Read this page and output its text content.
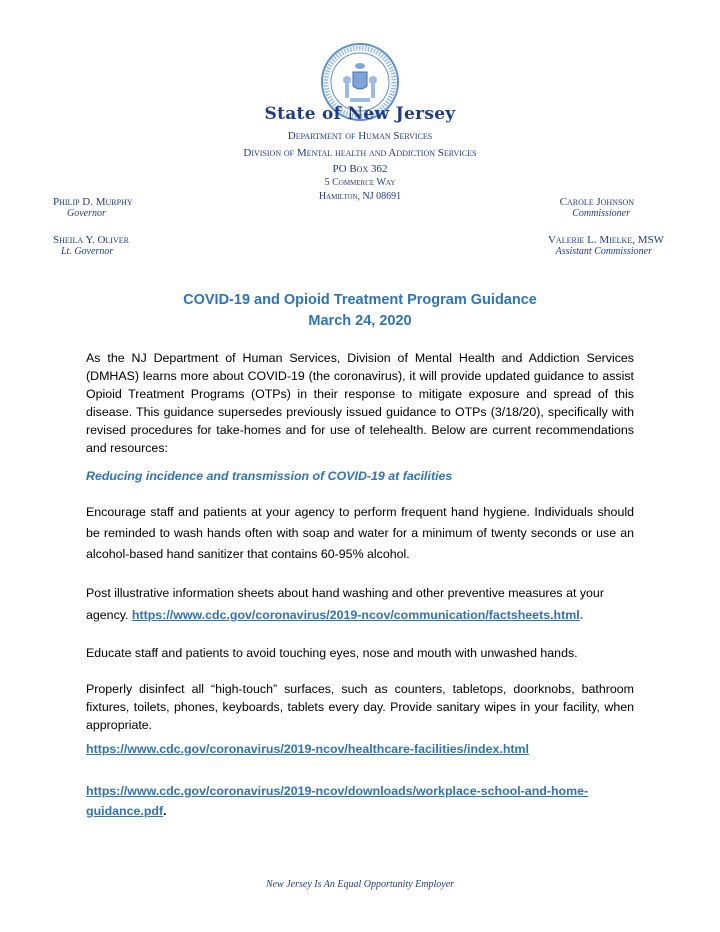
State of New Jersey
Department of Human Services
Division of Mental health and Addiction Services
PO Box 362
5 Commerce Way
Hamilton, NJ 08691
Philip D. Murphy
Governor
Sheila Y. Oliver
Lt. Governor
Carole Johnson
Commissioner
Valerie L. Mielke, MSW
Assistant Commissioner
COVID-19 and Opioid Treatment Program Guidance
March 24, 2020
As the NJ Department of Human Services, Division of Mental Health and Addiction Services (DMHAS) learns more about COVID-19 (the coronavirus), it will provide updated guidance to assist Opioid Treatment Programs (OTPs) in their response to mitigate exposure and spread of this disease. This guidance supersedes previously issued guidance to OTPs (3/18/20), specifically with revised procedures for take-homes and for use of telehealth. Below are current recommendations and resources:
Reducing incidence and transmission of COVID-19 at facilities
Encourage staff and patients at your agency to perform frequent hand hygiene. Individuals should be reminded to wash hands often with soap and water for a minimum of twenty seconds or use an alcohol-based hand sanitizer that contains 60-95% alcohol.
Post illustrative information sheets about hand washing and other preventive measures at your agency. https://www.cdc.gov/coronavirus/2019-ncov/communication/factsheets.html.
Educate staff and patients to avoid touching eyes, nose and mouth with unwashed hands.
Properly disinfect all “high-touch” surfaces, such as counters, tabletops, doorknobs, bathroom fixtures, toilets, phones, keyboards, tablets every day. Provide sanitary wipes in your facility, when appropriate.
https://www.cdc.gov/coronavirus/2019-ncov/healthcare-facilities/index.html
https://www.cdc.gov/coronavirus/2019-ncov/downloads/workplace-school-and-home-guidance.pdf.
New Jersey Is An Equal Opportunity Employer
